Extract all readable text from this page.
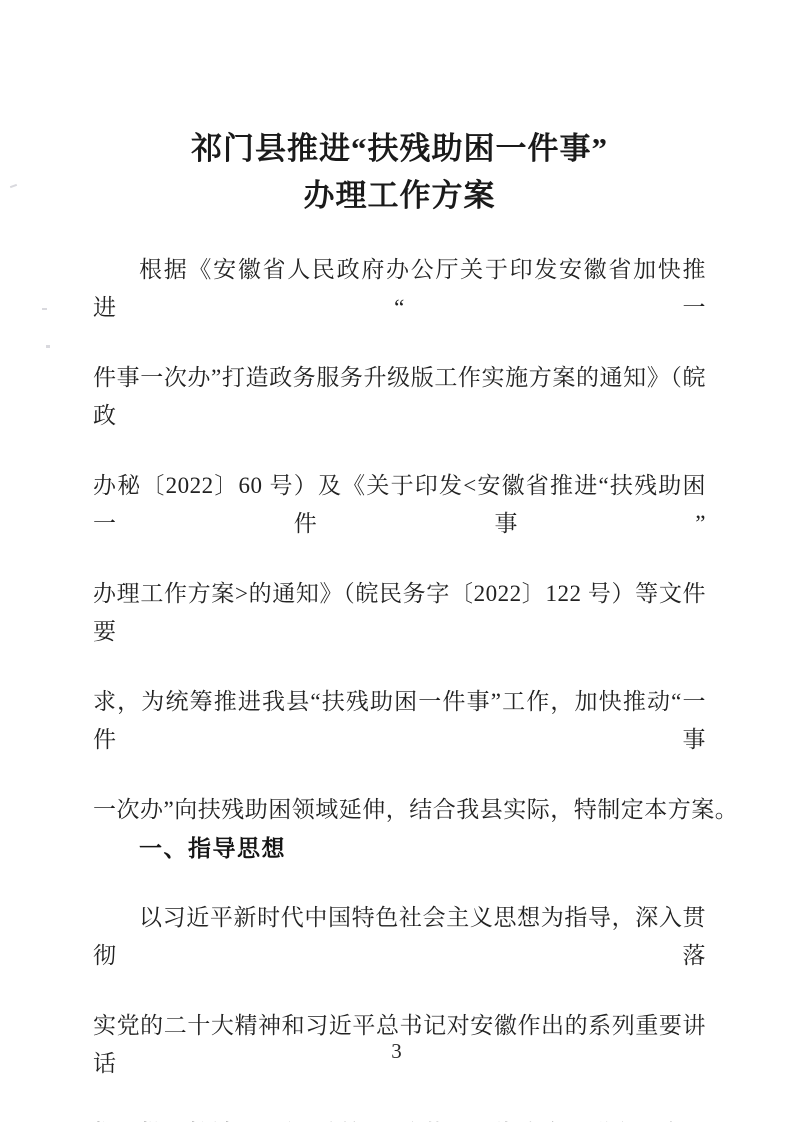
祁门县推进“扶残助困一件事”
办理工作方案
根据《安徽省人民政府办公厅关于印发安徽省加快推进“一
件事一次办”打造政务服务升级版工作实施方案的通知》（皖政
办秘〔2022〕60 号）及《关于印发<安徽省推进“扶残助困一件事”
办理工作方案>的通知》（皖民务字〔2022〕122 号）等文件要
求，为统筹推进我县“扶残助困一件事”工作，加快推动“一件事
一次办”向扶残助困领域延伸，结合我县实际，特制定本方案。
一、指导思想
以习近平新时代中国特色社会主义思想为指导，深入贯彻落
实党的二十大精神和习近平总书记对安徽作出的系列重要讲话	3
